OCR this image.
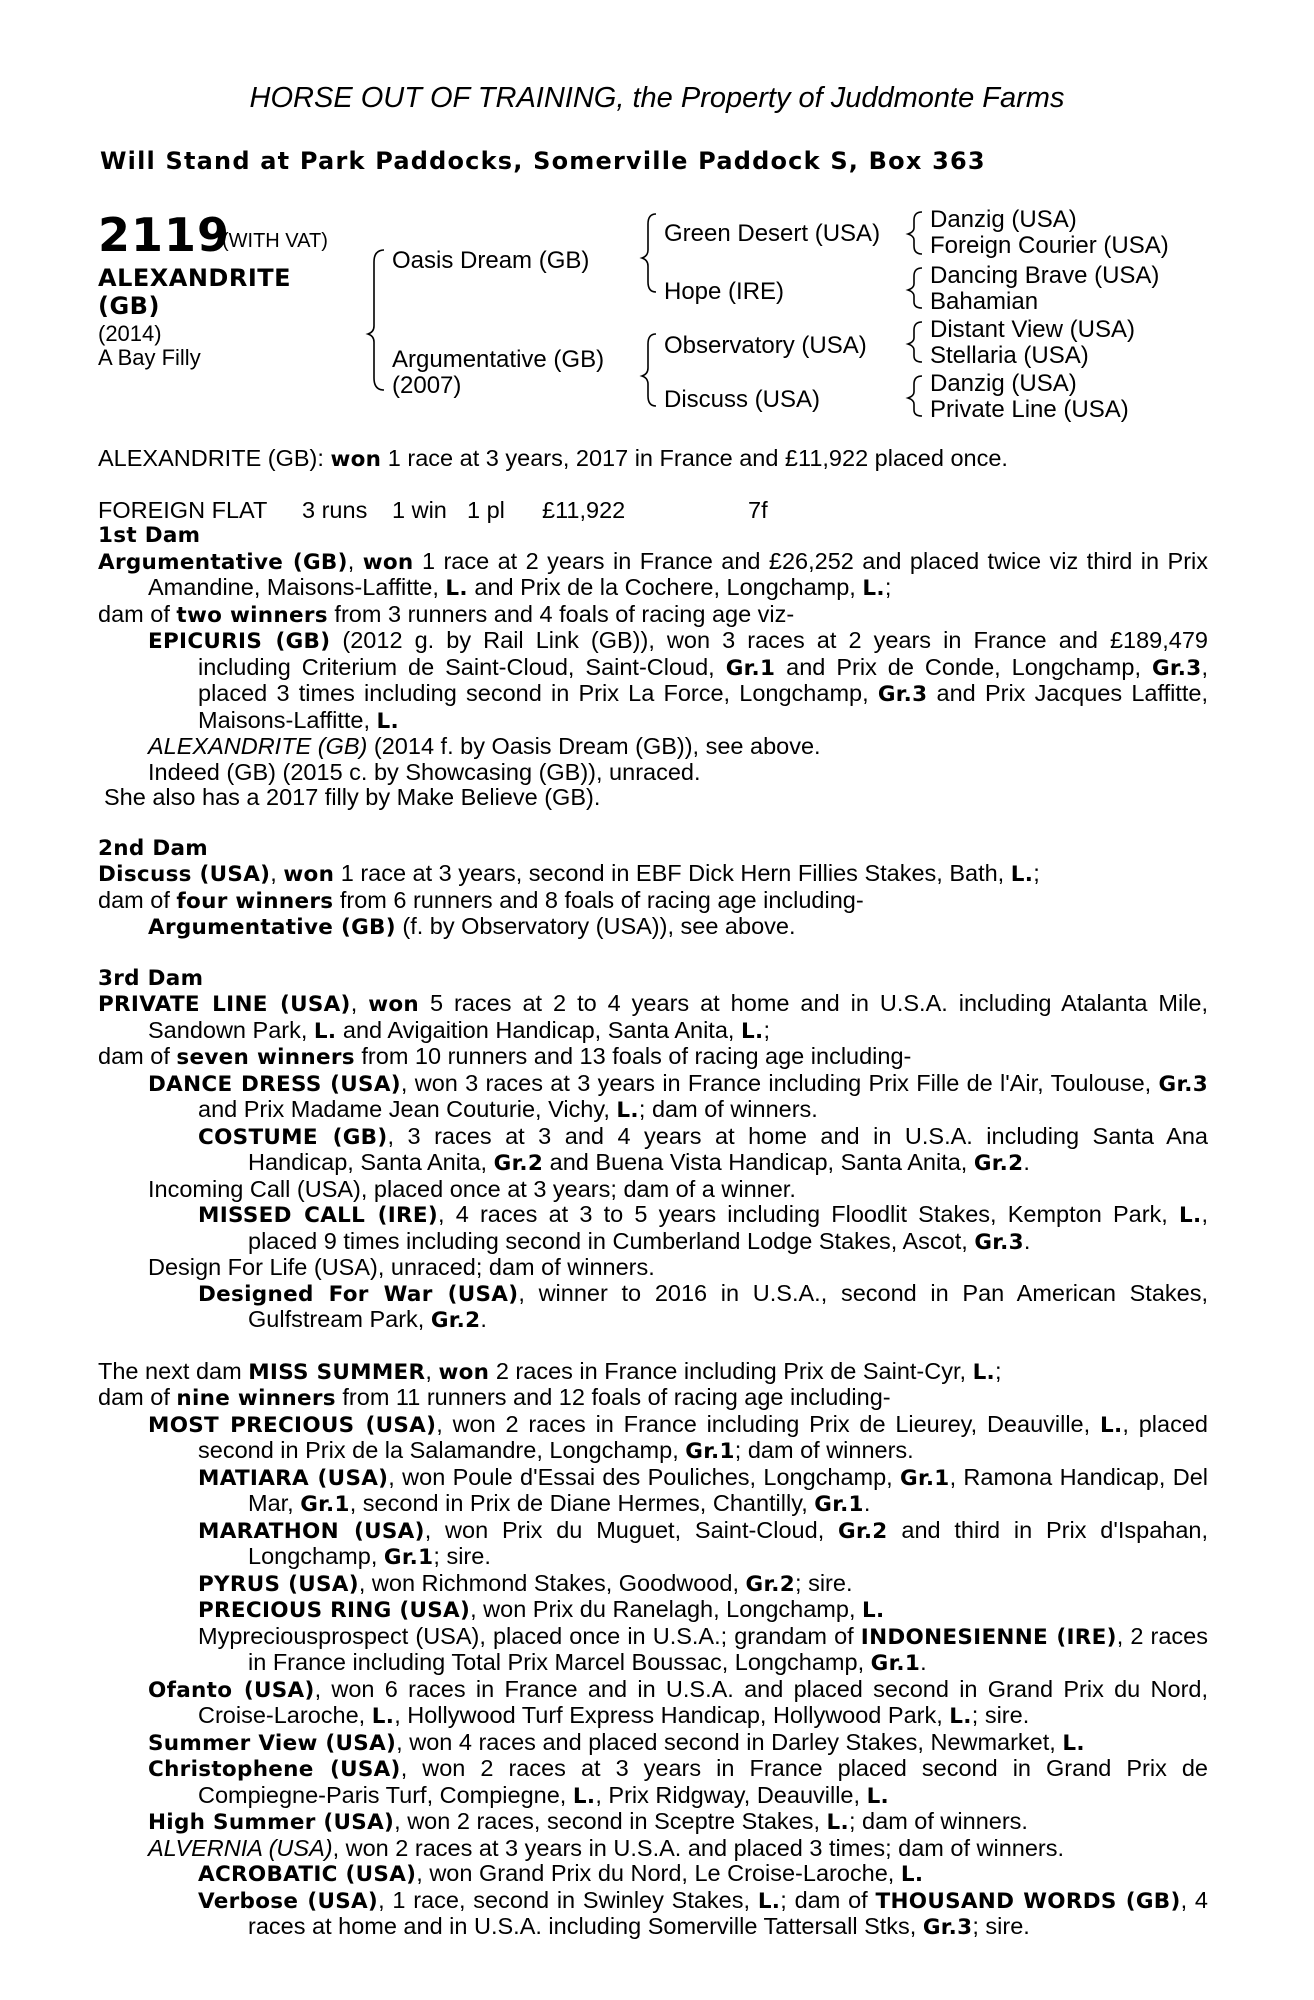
HORSE OUT OF TRAINING, the Property of Juddmonte Farms
Will Stand at Park Paddocks, Somerville Paddock S, Box 363
2119
(WITH VAT)
ALEXANDRITE
(GB)
(2014)
A Bay Filly
Oasis Dream (GB)
Argumentative (GB)
(2007)
Green Desert (USA)
Hope (IRE)
Observatory (USA)
Discuss (USA)
Danzig (USA)
Foreign Courier (USA)
Dancing Brave (USA)
Bahamian
Distant View (USA)
Stellaria (USA)
Danzig (USA)
Private Line (USA)

ALEXANDRITE (GB): won 1 race at 3 years, 2017 in France and £11,922 placed once.

FOREIGN FLAT 3 runs 1 win 1 pl £11,922	7f

1st Dam

Argumentative (GB), won 1 race at 2 years in France and £26,252 and placed twice viz third in Prix Amandine, Maisons-Laffitte, L. and Prix de la Cochere, Longchamp, L.;

dam of two winners from 3 runners and 4 foals of racing age viz-

EPICURIS (GB) (2012 g. by Rail Link (GB)), won 3 races at 2 years in France and £189,479 including Criterium de Saint-Cloud, Saint-Cloud, Gr.1 and Prix de Conde, Longchamp, Gr.3, placed 3 times including second in Prix La Force, Longchamp, Gr.3 and Prix Jacques Laffitte, Maisons-Laffitte, L.

ALEXANDRITE (GB) (2014 f. by Oasis Dream (GB)), see above.

Indeed (GB) (2015 c. by Showcasing (GB)), unraced.

She also has a 2017 filly by Make Believe (GB).

2nd Dam

Discuss (USA), won 1 race at 3 years, second in EBF Dick Hern Fillies Stakes, Bath, L.;

dam of four winners from 6 runners and 8 foals of racing age including-

Argumentative (GB) (f. by Observatory (USA)), see above.

3rd Dam

PRIVATE LINE (USA), won 5 races at 2 to 4 years at home and in U.S.A. including Atalanta Mile, Sandown Park, L. and Avigaition Handicap, Santa Anita, L.;

dam of seven winners from 10 runners and 13 foals of racing age including-

DANCE DRESS (USA), won 3 races at 3 years in France including Prix Fille de l'Air, Toulouse, Gr.3 and Prix Madame Jean Couturie, Vichy, L.; dam of winners.

COSTUME (GB), 3 races at 3 and 4 years at home and in U.S.A. including Santa Ana Handicap, Santa Anita, Gr.2 and Buena Vista Handicap, Santa Anita, Gr.2.

Incoming Call (USA), placed once at 3 years; dam of a winner.

MISSED CALL (IRE), 4 races at 3 to 5 years including Floodlit Stakes, Kempton Park, L., placed 9 times including second in Cumberland Lodge Stakes, Ascot, Gr.3.

Design For Life (USA), unraced; dam of winners.

Designed For War (USA), winner to 2016 in U.S.A., second in Pan American Stakes, Gulfstream Park, Gr.2.

The next dam MISS SUMMER, won 2 races in France including Prix de Saint-Cyr, L.;

dam of nine winners from 11 runners and 12 foals of racing age including-

MOST PRECIOUS (USA), won 2 races in France including Prix de Lieurey, Deauville, L., placed second in Prix de la Salamandre, Longchamp, Gr.1; dam of winners.

MATIARA (USA), won Poule d'Essai des Pouliches, Longchamp, Gr.1, Ramona Handicap, Del Mar, Gr.1, second in Prix de Diane Hermes, Chantilly, Gr.1.

MARATHON (USA), won Prix du Muguet, Saint-Cloud, Gr.2 and third in Prix d'Ispahan, Longchamp, Gr.1; sire.

PYRUS (USA), won Richmond Stakes, Goodwood, Gr.2; sire.

PRECIOUS RING (USA), won Prix du Ranelagh, Longchamp, L.

Mypreciousprospect (USA), placed once in U.S.A.; grandam of INDONESIENNE (IRE), 2 races in France including Total Prix Marcel Boussac, Longchamp, Gr.1.

Ofanto (USA), won 6 races in France and in U.S.A. and placed second in Grand Prix du Nord, Croise-Laroche, L., Hollywood Turf Express Handicap, Hollywood Park, L.; sire.

Summer View (USA), won 4 races and placed second in Darley Stakes, Newmarket, L.

Christophene (USA), won 2 races at 3 years in France placed second in Grand Prix de Compiegne-Paris Turf, Compiegne, L., Prix Ridgway, Deauville, L.

High Summer (USA), won 2 races, second in Sceptre Stakes, L.; dam of winners.

ALVERNIA (USA), won 2 races at 3 years in U.S.A. and placed 3 times; dam of winners.

ACROBATIC (USA), won Grand Prix du Nord, Le Croise-Laroche, L.

Verbose (USA), 1 race, second in Swinley Stakes, L.; dam of THOUSAND WORDS (GB), 4 races at home and in U.S.A. including Somerville Tattersall Stks, Gr.3; sire.
